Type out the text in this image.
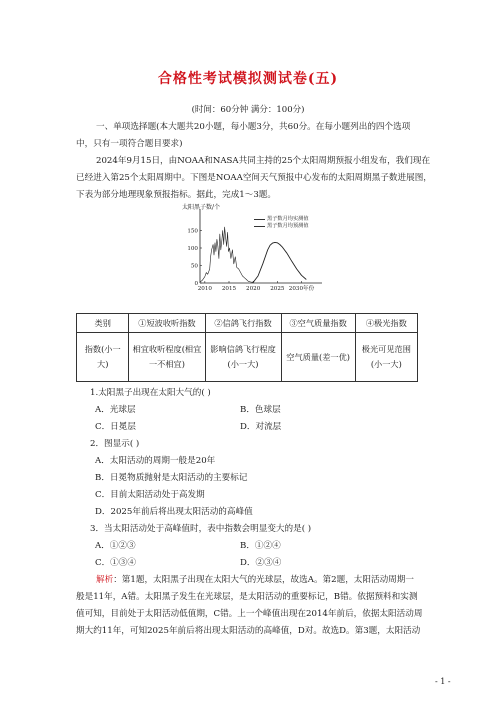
合格性考试模拟测试卷(五)
(时间：60分钟 满分：100分)
一、单项选择题(本大题共20小题，每小题3分，共60分。在每小题列出的四个选项
中，只有一项符合题目要求)
2024年9月15日，由NOAA和NASA共同主持的25个太阳周期预报小组发布，我们现在
已经进入第25个太阳周期中。下图是NOAA空间天气预报中心发布的太阳周期黑子数进展图，
下表为部分地理现象预报指标。据此，完成1～3题。
太阳黑子数/个
0
50
100
150
2010 2015 2020 2025 2030年份
黑子数月均实测值
黑子数月均预测值
类别	①短波收听指数	②信鸽飞行指数	③空气质量指数	④极光指数
指数(小一大)	相宜收听程度(相宜一不相宜)	影响信鸽飞行程度(小一大)	空气质量(差一优)	极光可见范围(小一大)
1.太阳黑子出现在太阳大气的( )
A．光球层	B．色球层
C．日冕层	D．对流层
2．图显示( )
A．太阳活动的周期一般是20年
B．日冕物质抛射是太阳活动的主要标记
C．目前太阳活动处于高发期
D．2025年前后将出现太阳活动的高峰值
3．当太阳活动处于高峰值时，表中指数会明显变大的是( )
A．①②③	B．①②④
C．①③④	D．②③④
解析：第1题，太阳黑子出现在太阳大气的光球层，故选A。第2题，太阳活动周期一
般是11年，A错。太阳黑子发生在光球层，是太阳活动的重要标记，B错。依据预料和实测
值可知，目前处于太阳活动低值期，C错。上一个峰值出现在2014年前后，依据太阳活动周
期大约11年，可知2025年前后将出现太阳活动的高峰值，D对。故选D。第3题，太阳活动
- 1 -
